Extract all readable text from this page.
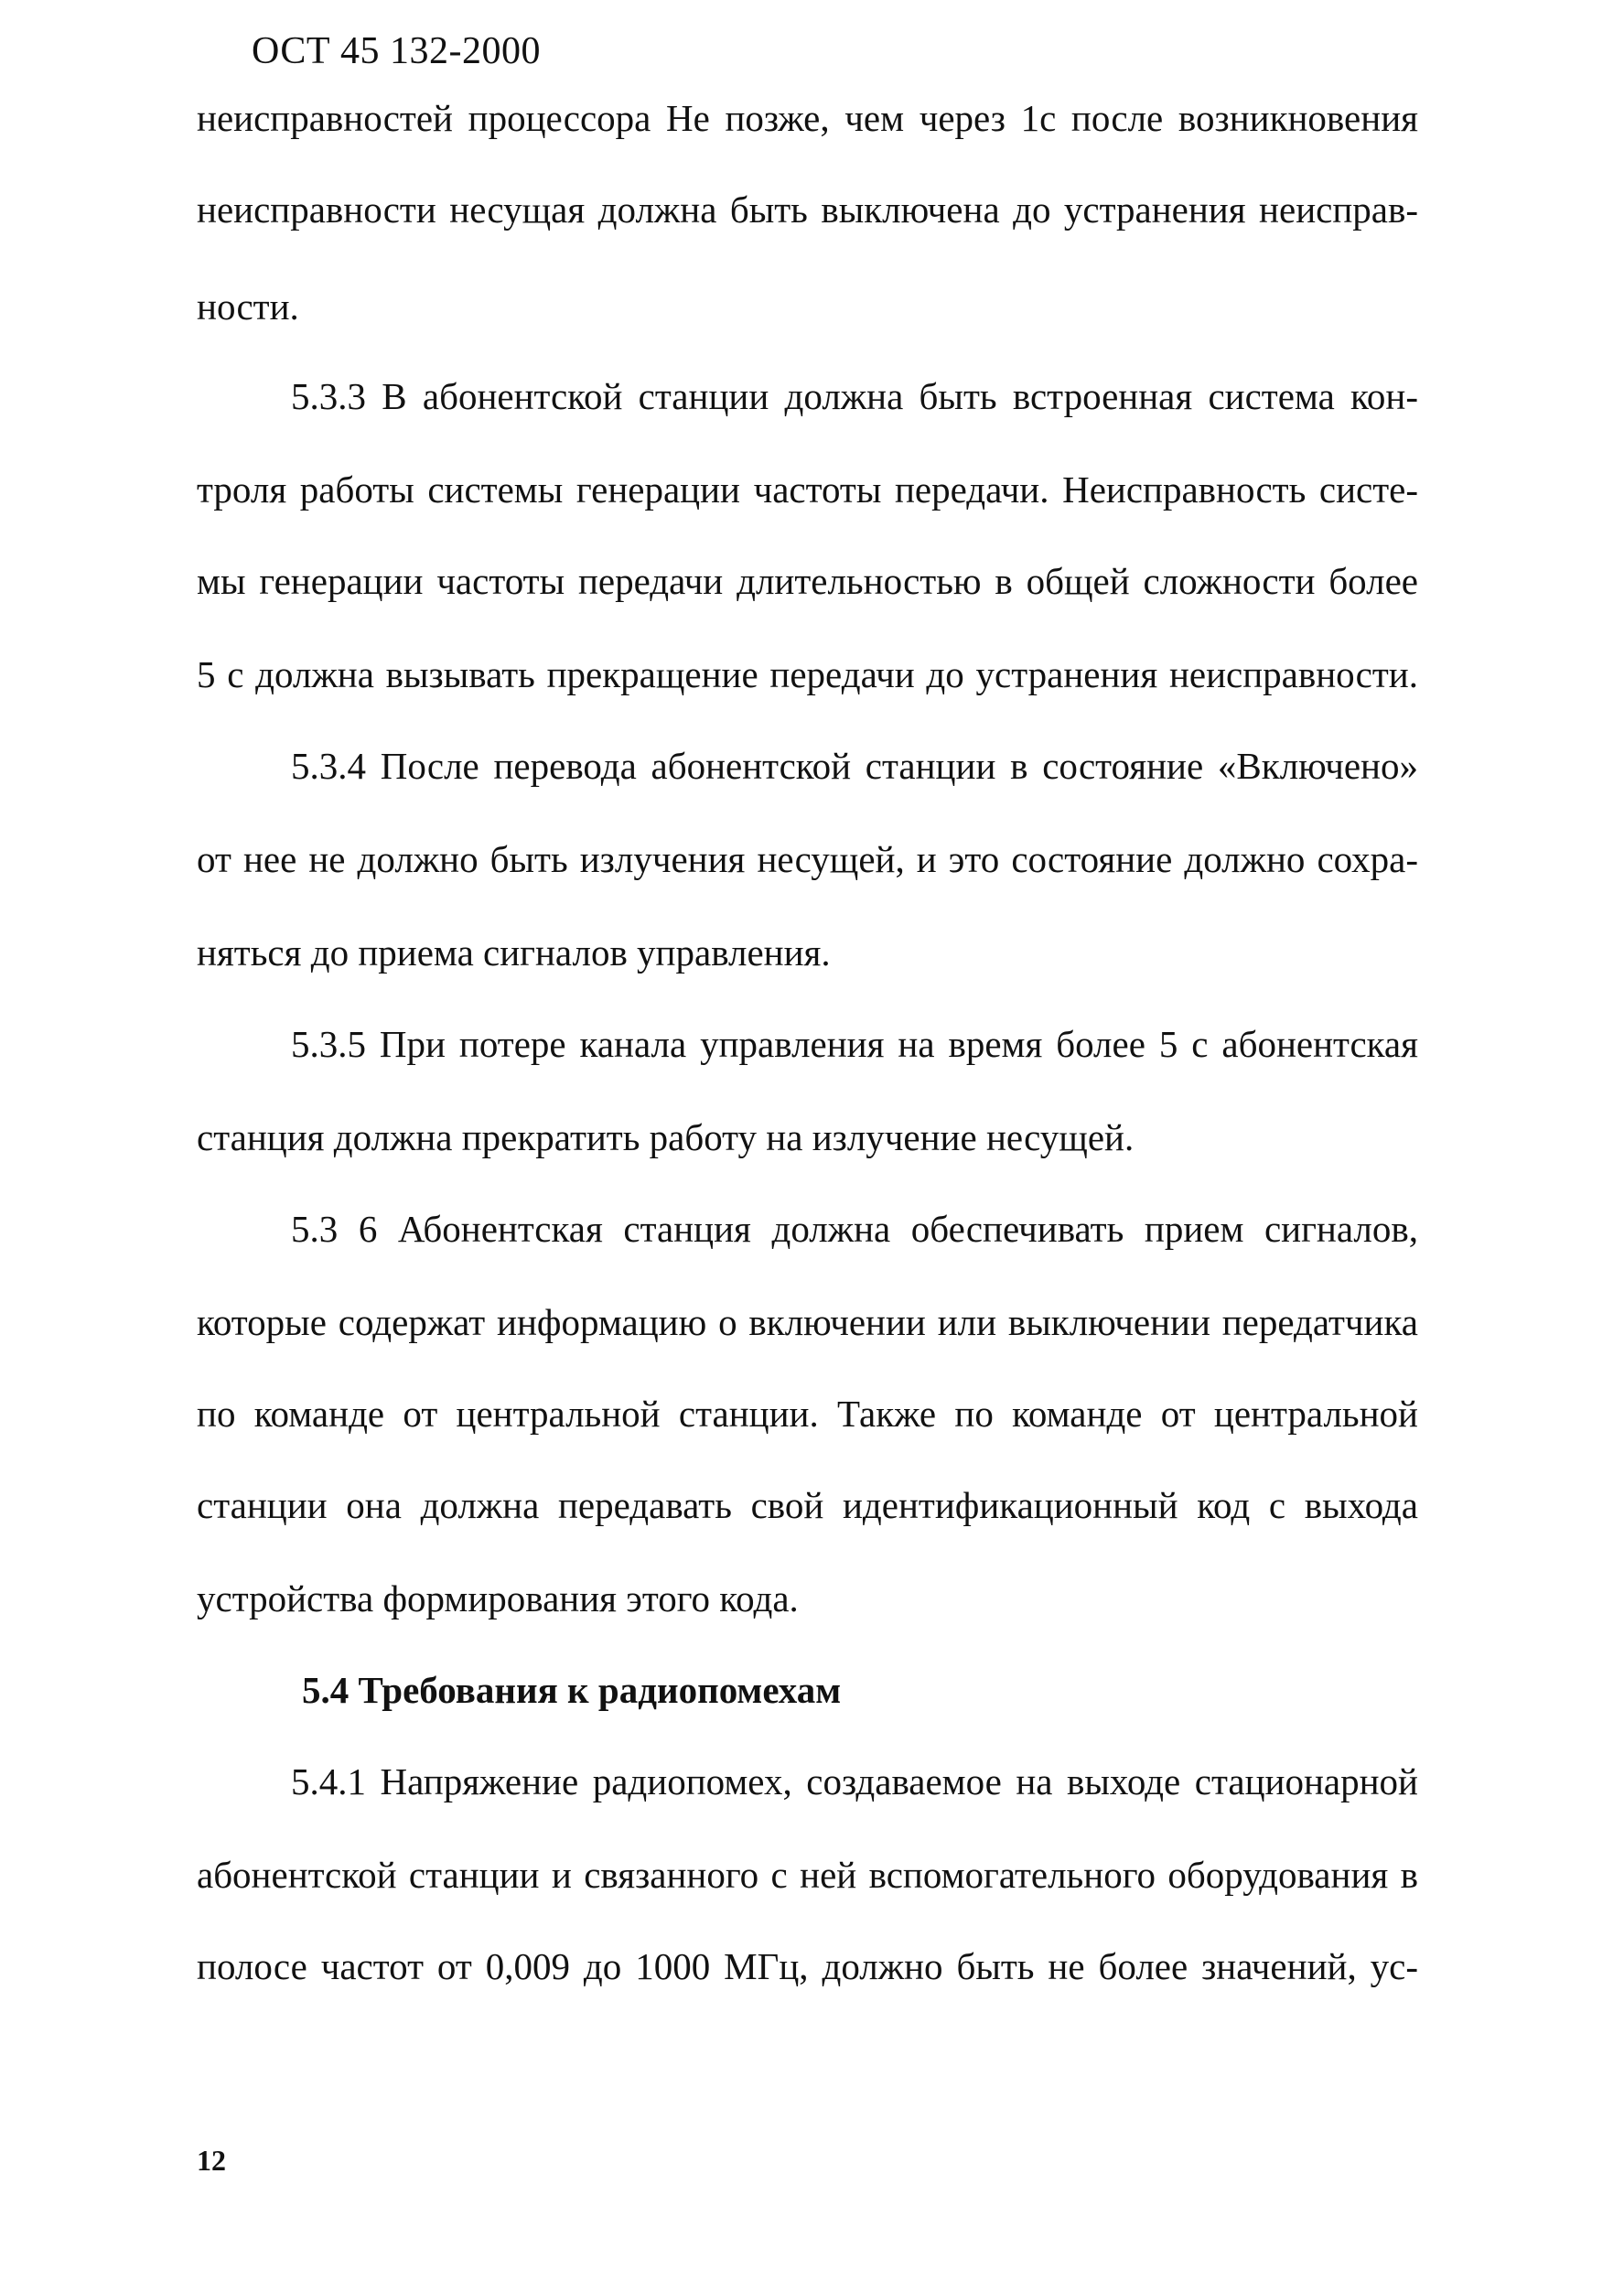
ОСТ 45 132-2000
неисправностей процессора Не позже, чем через 1с после возникновения
неисправности несущая должна быть выключена до устранения неисправ-
ности.
5.3.3 В абонентской станции должна быть встроенная система кон-
троля работы системы генерации частоты передачи. Неисправность систе-
мы генерации частоты передачи длительностью в общей сложности более
5 с должна вызывать прекращение передачи до устранения неисправности.
5.3.4 После перевода абонентской станции в состояние «Включено»
от нее не должно быть излучения несущей, и это состояние должно сохра-
няться до приема сигналов управления.
5.3.5 При потере канала управления на время более 5 с абонентская
станция должна прекратить работу на излучение несущей.
5.3 6 Абонентская станция должна обеспечивать прием сигналов,
которые содержат информацию о включении или выключении передатчика
по команде от центральной станции. Также по команде от центральной
станции она должна передавать свой идентификационный код с выхода
устройства формирования этого кода.
5.4 Требования к радиопомехам
5.4.1 Напряжение радиопомех, создаваемое на выходе стационарной
абонентской станции и связанного с ней вспомогательного оборудования в
полосе частот от 0,009 до 1000 МГц, должно быть не более значений, ус-
12
